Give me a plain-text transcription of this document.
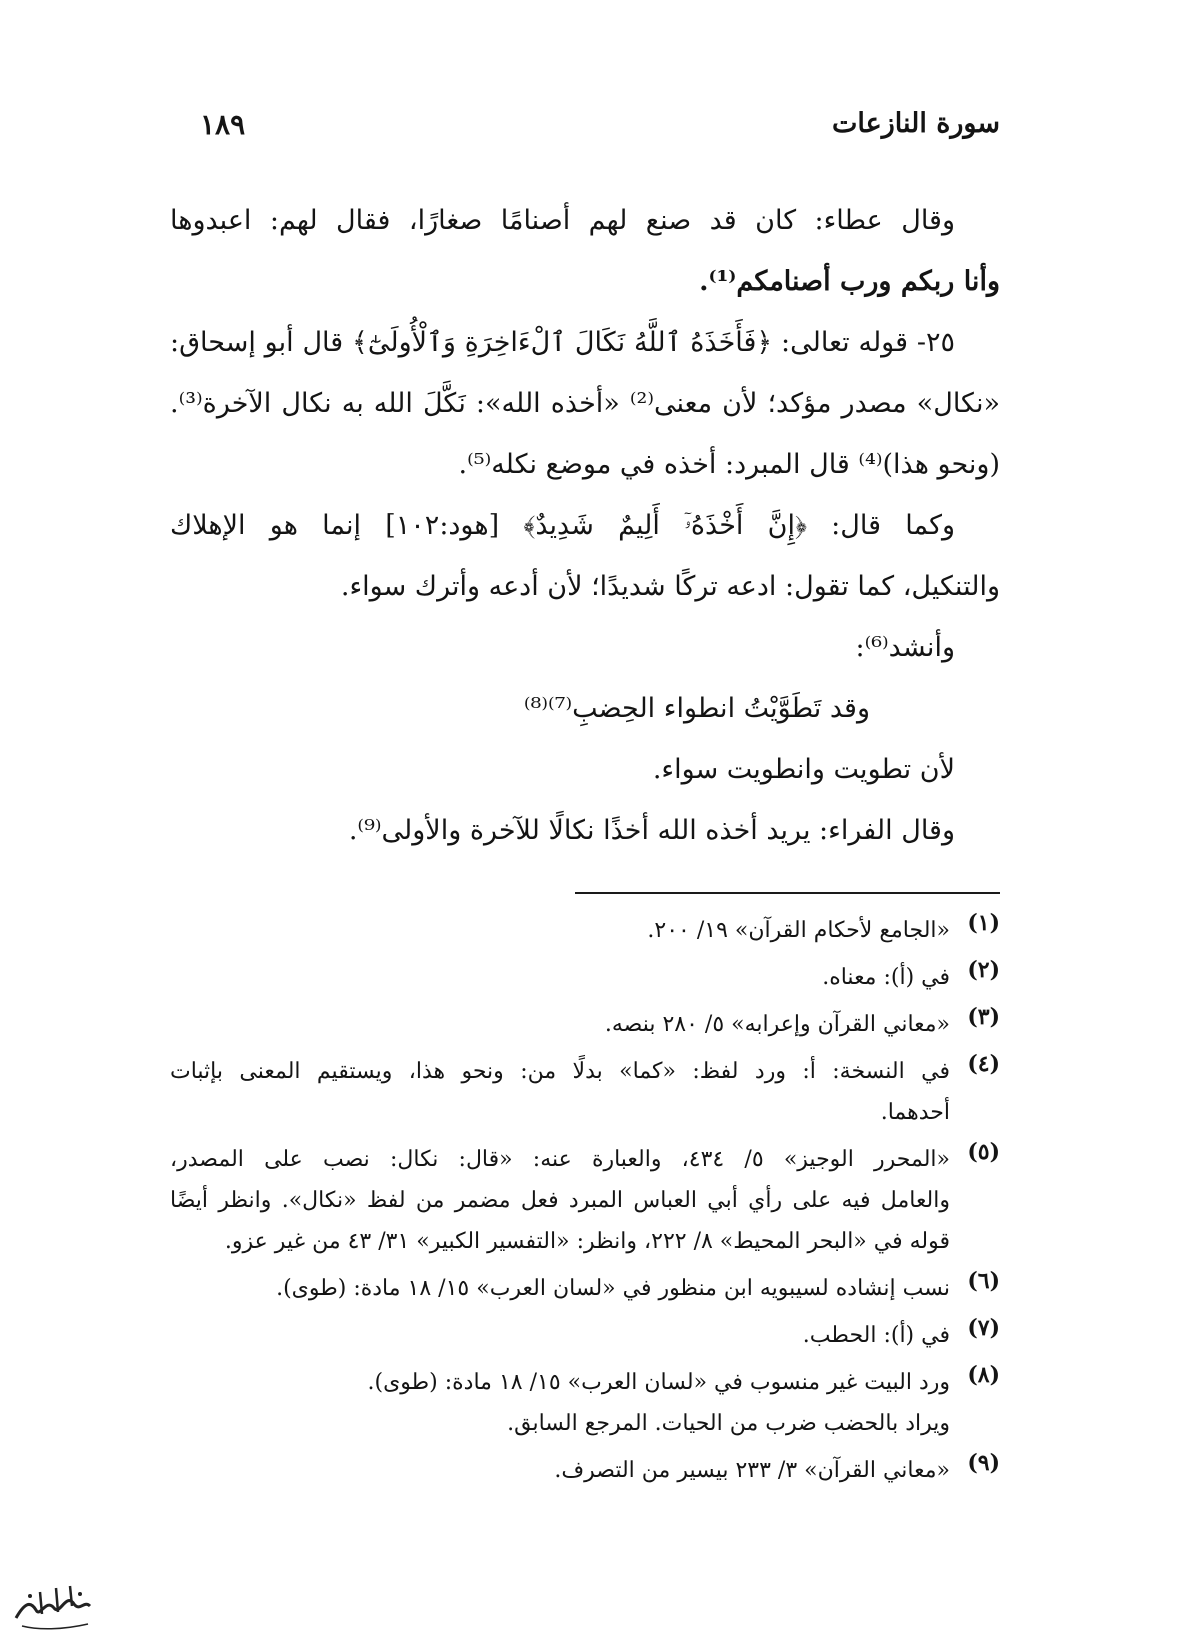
سورة النازعات
١٨٩
وقال عطاء: كان قد صنع لهم أصنامًا صغارًا، فقال لهم: اعبدوها
وأنا ربكم ورب أصنامكم⁽¹⁾.
٢٥- قوله تعالى: ﴿فَأَخَذَهُ ٱللَّهُ نَكَالَ ٱلْءَاخِرَةِ وَٱلْأُولَىٰٓ﴾ قال أبو إسحاق:
«نكال» مصدر مؤكد؛ لأن معنى⁽²⁾ «أخذه الله»: نَكَّلَ الله به نكال الآخرة⁽³⁾.
(ونحو هذا)⁽⁴⁾ قال المبرد: أخذه في موضع نكله⁽⁵⁾.
وكما قال: ﴿إِنَّ أَخْذَهُۥٓ أَلِيمٌ شَدِيدٌ﴾ [هود:١٠٢] إنما هو الإهلاك
والتنكيل، كما تقول: ادعه تركًا شديدًا؛ لأن أدعه وأترك سواء.
وأنشد⁽⁶⁾:
وقد تَطَوَّيْتُ انطواء الحِضبِ⁽⁷⁾⁽⁸⁾
لأن تطويت وانطويت سواء.
وقال الفراء: يريد أخذه الله أخذًا نكالًا للآخرة والأولى⁽⁹⁾.
(١)
«الجامع لأحكام القرآن» ١٩/ ٢٠٠.
(٢)
في (أ): معناه.
(٣)
«معاني القرآن وإعرابه» ٥/ ٢٨٠ بنصه.
(٤)
في النسخة: أ: ورد لفظ: «كما» بدلًا من: ونحو هذا، ويستقيم المعنى بإثبات
أحدهما.
(٥)
«المحرر الوجيز» ٥/ ٤٣٤، والعبارة عنه: «قال: نكال: نصب على المصدر،
والعامل فيه على رأي أبي العباس المبرد فعل مضمر من لفظ «نكال». وانظر أيضًا
قوله في «البحر المحيط» ٨/ ٢٢٢، وانظر: «التفسير الكبير» ٣١/ ٤٣ من غير عزو.
(٦)
نسب إنشاده لسيبويه ابن منظور في «لسان العرب» ١٥/ ١٨ مادة: (طوى).
(٧)
في (أ): الحطب.
(٨)
ورد البيت غير منسوب في «لسان العرب» ١٥/ ١٨ مادة: (طوى).
ويراد بالحضب ضرب من الحيات. المرجع السابق.
(٩)
«معاني القرآن» ٣/ ٢٣٣ بيسير من التصرف.
